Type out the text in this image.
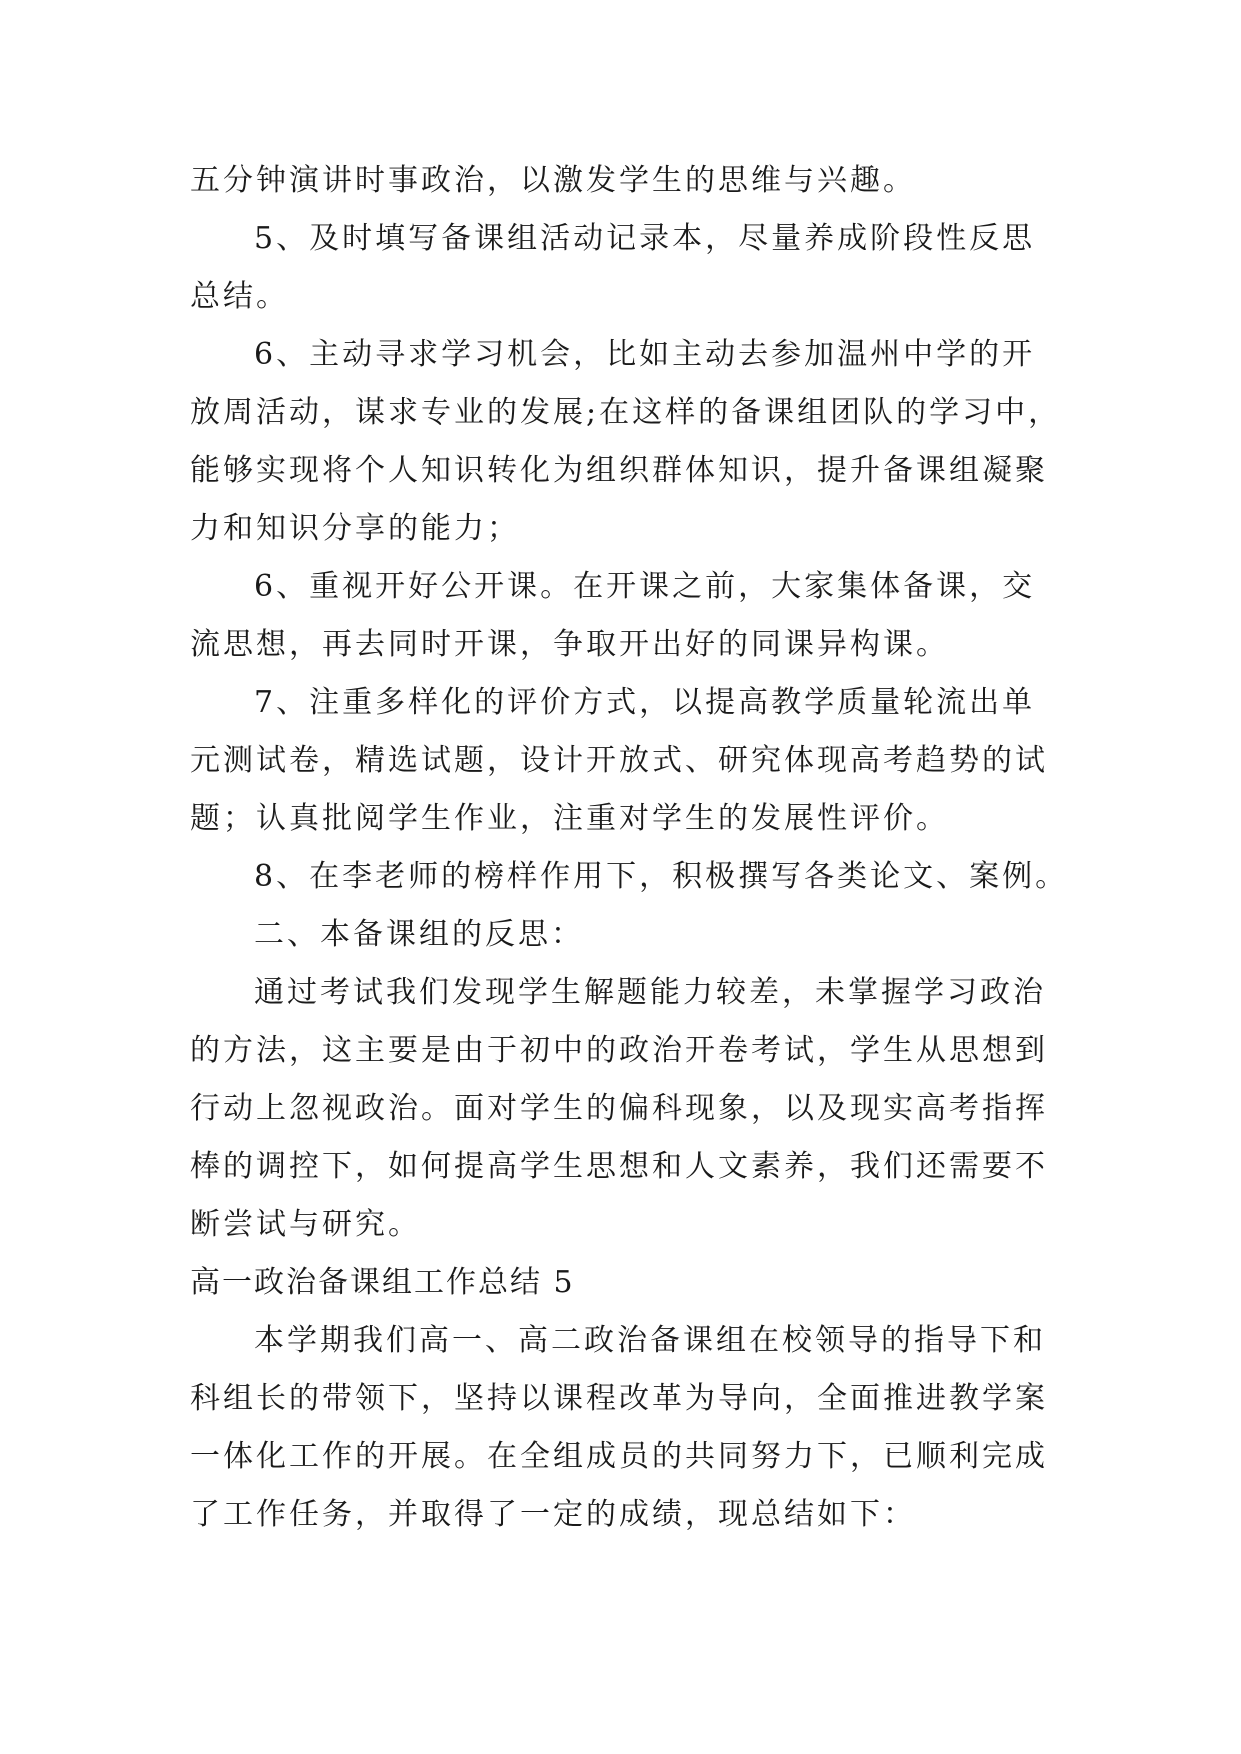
五分钟演讲时事政治，以激发学生的思维与兴趣。
5、及时填写备课组活动记录本，尽量养成阶段性反思
总结。
6、主动寻求学习机会，比如主动去参加温州中学的开
放周活动，谋求专业的发展;在这样的备课组团队的学习中，
能够实现将个人知识转化为组织群体知识，提升备课组凝聚
力和知识分享的能力；
6、重视开好公开课。在开课之前，大家集体备课，交
流思想，再去同时开课，争取开出好的同课异构课。
7、注重多样化的评价方式，以提高教学质量轮流出单
元测试卷，精选试题，设计开放式、研究体现高考趋势的试
题；认真批阅学生作业，注重对学生的发展性评价。
8、在李老师的榜样作用下，积极撰写各类论文、案例。
二、本备课组的反思：
通过考试我们发现学生解题能力较差，未掌握学习政治
的方法，这主要是由于初中的政治开卷考试，学生从思想到
行动上忽视政治。面对学生的偏科现象，以及现实高考指挥
棒的调控下，如何提高学生思想和人文素养，我们还需要不
断尝试与研究。
高一政治备课组工作总结 5
本学期我们高一、高二政治备课组在校领导的指导下和
科组长的带领下，坚持以课程改革为导向，全面推进教学案
一体化工作的开展。在全组成员的共同努力下，已顺利完成
了工作任务，并取得了一定的成绩，现总结如下：
